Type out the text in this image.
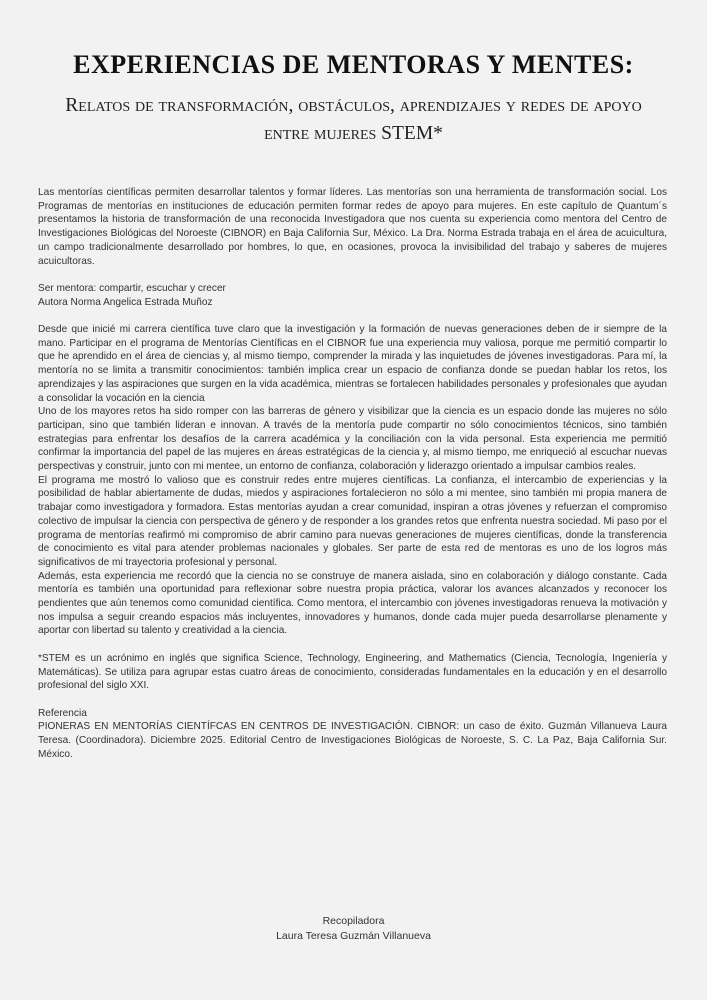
EXPERIENCIAS DE MENTORAS Y MENTES:
Relatos de transformación, obstáculos, aprendizajes y redes de apoyo entre mujeres STEM*

Las mentorías científicas permiten desarrollar talentos y formar líderes. Las mentorías son una herramienta de transformación social. Los Programas de mentorías en instituciones de educación permiten formar redes de apoyo para mujeres. En este capítulo de Quantum´s presentamos la historia de transformación de una reconocida Investigadora que nos cuenta su experiencia como mentora del Centro de Investigaciones Biológicas del Noroeste (CIBNOR) en Baja California Sur, México. La Dra. Norma Estrada trabaja en el área de acuicultura, un campo tradicionalmente desarrollado por hombres, lo que, en ocasiones, provoca la invisibilidad del trabajo y saberes de mujeres acuicultoras.

Ser mentora: compartir, escuchar y crecer

Autora Norma Angelica Estrada Muñoz

Desde que inicié mi carrera científica tuve claro que la investigación y la formación de nuevas generaciones deben de ir siempre de la mano. Participar en el programa de Mentorías Científicas en el CIBNOR fue una experiencia muy valiosa, porque me permitió compartir lo que he aprendido en el área de ciencias y, al mismo tiempo, comprender la mirada y las inquietudes de jóvenes investigadoras. Para mí, la mentoría no se limita a transmitir conocimientos: también implica crear un espacio de confianza donde se puedan hablar los retos, los aprendizajes y las aspiraciones que surgen en la vida académica, mientras se fortalecen habilidades personales y profesionales que ayudan a consolidar la vocación en la ciencia

Uno de los mayores retos ha sido romper con las barreras de género y visibilizar que la ciencia es un espacio donde las mujeres no sólo participan, sino que también lideran e innovan. A través de la mentoría pude compartir no sólo conocimientos técnicos, sino también estrategias para enfrentar los desafíos de la carrera académica y la conciliación con la vida personal. Esta experiencia me permitió confirmar la importancia del papel de las mujeres en áreas estratégicas de la ciencia y, al mismo tiempo, me enriqueció al escuchar nuevas perspectivas y construir, junto con mi mentee, un entorno de confianza, colaboración y liderazgo orientado a impulsar cambios reales.

El programa me mostró lo valioso que es construir redes entre mujeres científicas. La confianza, el intercambio de experiencias y la posibilidad de hablar abiertamente de dudas, miedos y aspiraciones fortalecieron no sólo a mi mentee, sino también mi propia manera de trabajar como investigadora y formadora. Estas mentorías ayudan a crear comunidad, inspiran a otras jóvenes y refuerzan el compromiso colectivo de impulsar la ciencia con perspectiva de género y de responder a los grandes retos que enfrenta nuestra sociedad. Mi paso por el programa de mentorías reafirmó mi compromiso de abrir camino para nuevas generaciones de mujeres científicas, donde la transferencia de conocimiento es vital para atender problemas nacionales y globales. Ser parte de esta red de mentoras es uno de los logros más significativos de mi trayectoria profesional y personal.

Además, esta experiencia me recordó que la ciencia no se construye de manera aislada, sino en colaboración y diálogo constante. Cada mentoría es también una oportunidad para reflexionar sobre nuestra propia práctica, valorar los avances alcanzados y reconocer los pendientes que aún tenemos como comunidad científica. Como mentora, el intercambio con jóvenes investigadoras renueva la motivación y nos impulsa a seguir creando espacios más incluyentes, innovadores y humanos, donde cada mujer pueda desarrollarse plenamente y aportar con libertad su talento y creatividad a la ciencia.

*STEM es un acrónimo en inglés que significa Science, Technology, Engineering, and Mathematics (Ciencia, Tecnología, Ingeniería y Matemáticas). Se utiliza para agrupar estas cuatro áreas de conocimiento, consideradas fundamentales en la educación y en el desarrollo profesional del siglo XXI.

Referencia

PIONERAS EN MENTORÍAS CIENTÍFCAS EN CENTROS DE INVESTIGACIÓN. CIBNOR: un caso de éxito. Guzmán Villanueva Laura Teresa. (Coordinadora). Diciembre 2025. Editorial Centro de Investigaciones Biológicas de Noroeste, S. C. La Paz, Baja California Sur. México.

Recopiladora
Laura Teresa Guzmán Villanueva
